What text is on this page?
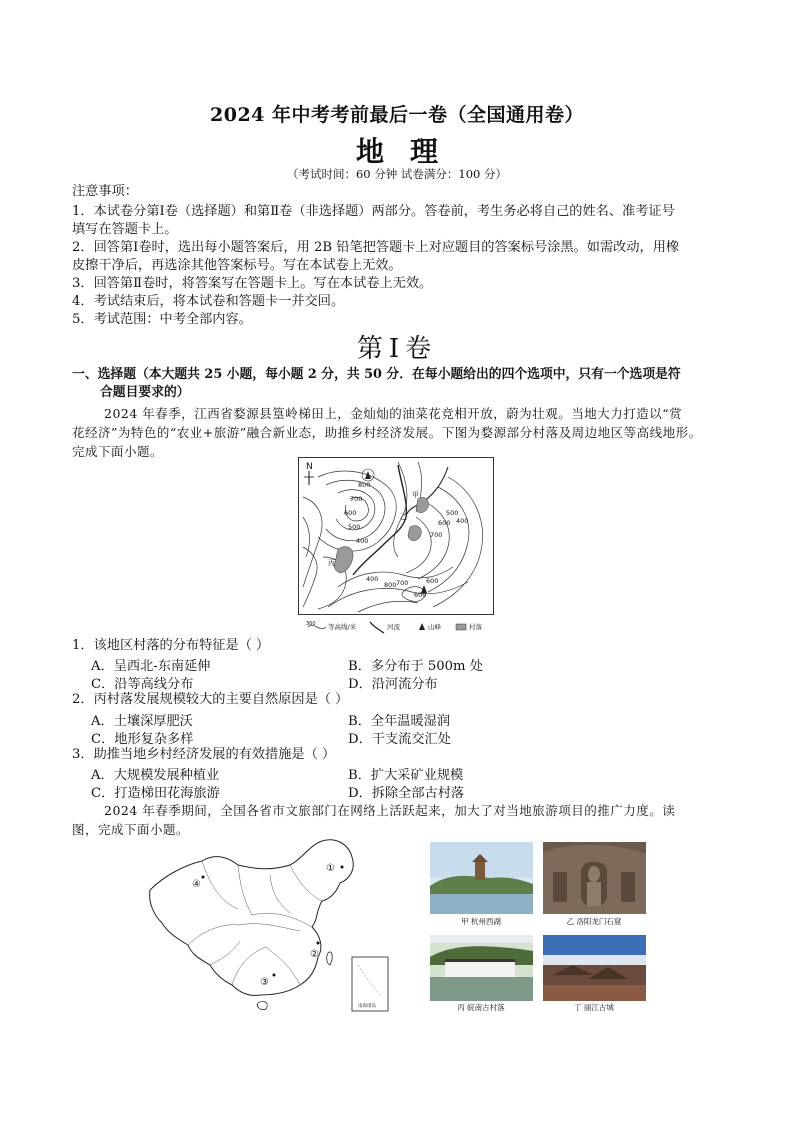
2024 年中考考前最后一卷（全国通用卷）
地理
（考试时间：60 分钟 试卷满分：100 分）
注意事项：
1．本试卷分第Ⅰ卷（选择题）和第Ⅱ卷（非选择题）两部分。答卷前，考生务必将自己的姓名、准考证号
填写在答题卡上。
2．回答第Ⅰ卷时，选出每小题答案后，用 2B 铅笔把答题卡上对应题目的答案标号涂黑。如需改动，用橡
皮擦干净后，再选涂其他答案标号。写在本试卷上无效。
3．回答第Ⅱ卷时，将答案写在答题卡上。写在本试卷上无效。
4．考试结束后，将本试卷和答题卡一并交回。
5．考试范围：中考全部内容。
第Ⅰ卷
一、选择题（本大题共 25 小题，每小题 2 分，共 50 分．在每小题给出的四个选项中，只有一个选项是符
合题目要求的）
2024 年春季，江西省婺源县篁岭梯田上，金灿灿的油菜花竞相开放，蔚为壮观。当地大力打造以“赏
花经济”为特色的“农业+旅游”融合新业态，助推乡村经济发展。下图为婺源部分村落及周边地区等高线地形。
完成下面小题。
N
800
700
600
500
400
700
600
500
400
600
700
800
600
400
甲
乙
丙
300 等高线/米	河流	山峰	村落
1．该地区村落的分布特征是（ ）
A．呈西北-东南延伸	B．多分布于 500m 处
C．沿等高线分布	D．沿河流分布
2．丙村落发展规模较大的主要自然原因是（ ）
A．土壤深厚肥沃	B．全年温暖湿润
C．地形复杂多样	D．干支流交汇处
3．助推当地乡村经济发展的有效措施是（ ）
A．大规模发展种植业	B．扩大采矿业规模
C．打造梯田花海旅游	D．拆除全部古村落
2024 年春季期间，全国各省市文旅部门在网络上活跃起来，加大了对当地旅游项目的推广力度。读
图，完成下面小题。
南海诸岛
①
②
③
④
甲 杭州西湖	乙 洛阳龙门石窟
丙 皖南古村落	丁 丽江古城
